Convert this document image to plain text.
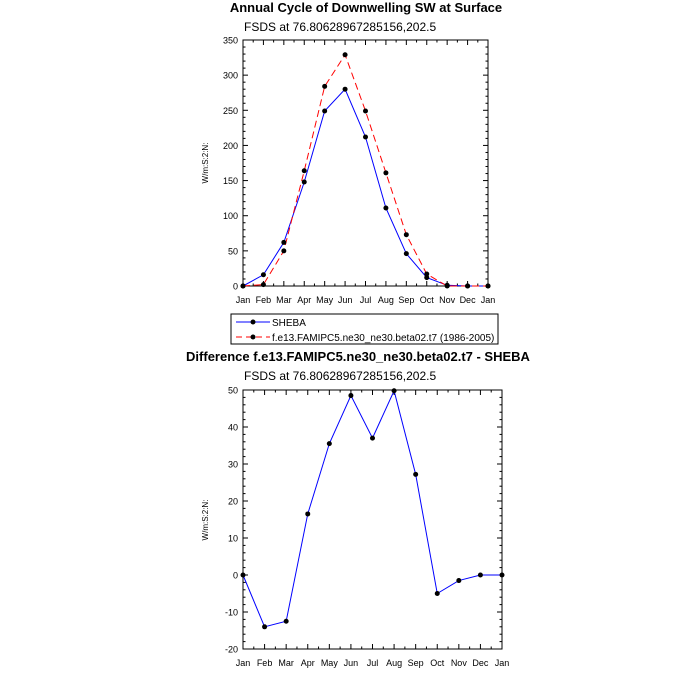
Annual Cycle of Downwelling SW at Surface
FSDS at 76.80628967285156,202.5
W/m:S:2:N:
Jan Feb Mar Apr May Jun Jul Aug Sep Oct Nov Dec Jan
0
50
100
150
200
250
300
350
SHEBA
f.e13.FAMIPC5.ne30_ne30.beta02.t7 (1986-2005)
Difference f.e13.FAMIPC5.ne30_ne30.beta02.t7 - SHEBA
FSDS at 76.80628967285156,202.5
W/m:S:2:N:
Jan Feb Mar Apr May Jun Jul Aug Sep Oct Nov Dec Jan
-20
-10
0
10
20
30
40
50
